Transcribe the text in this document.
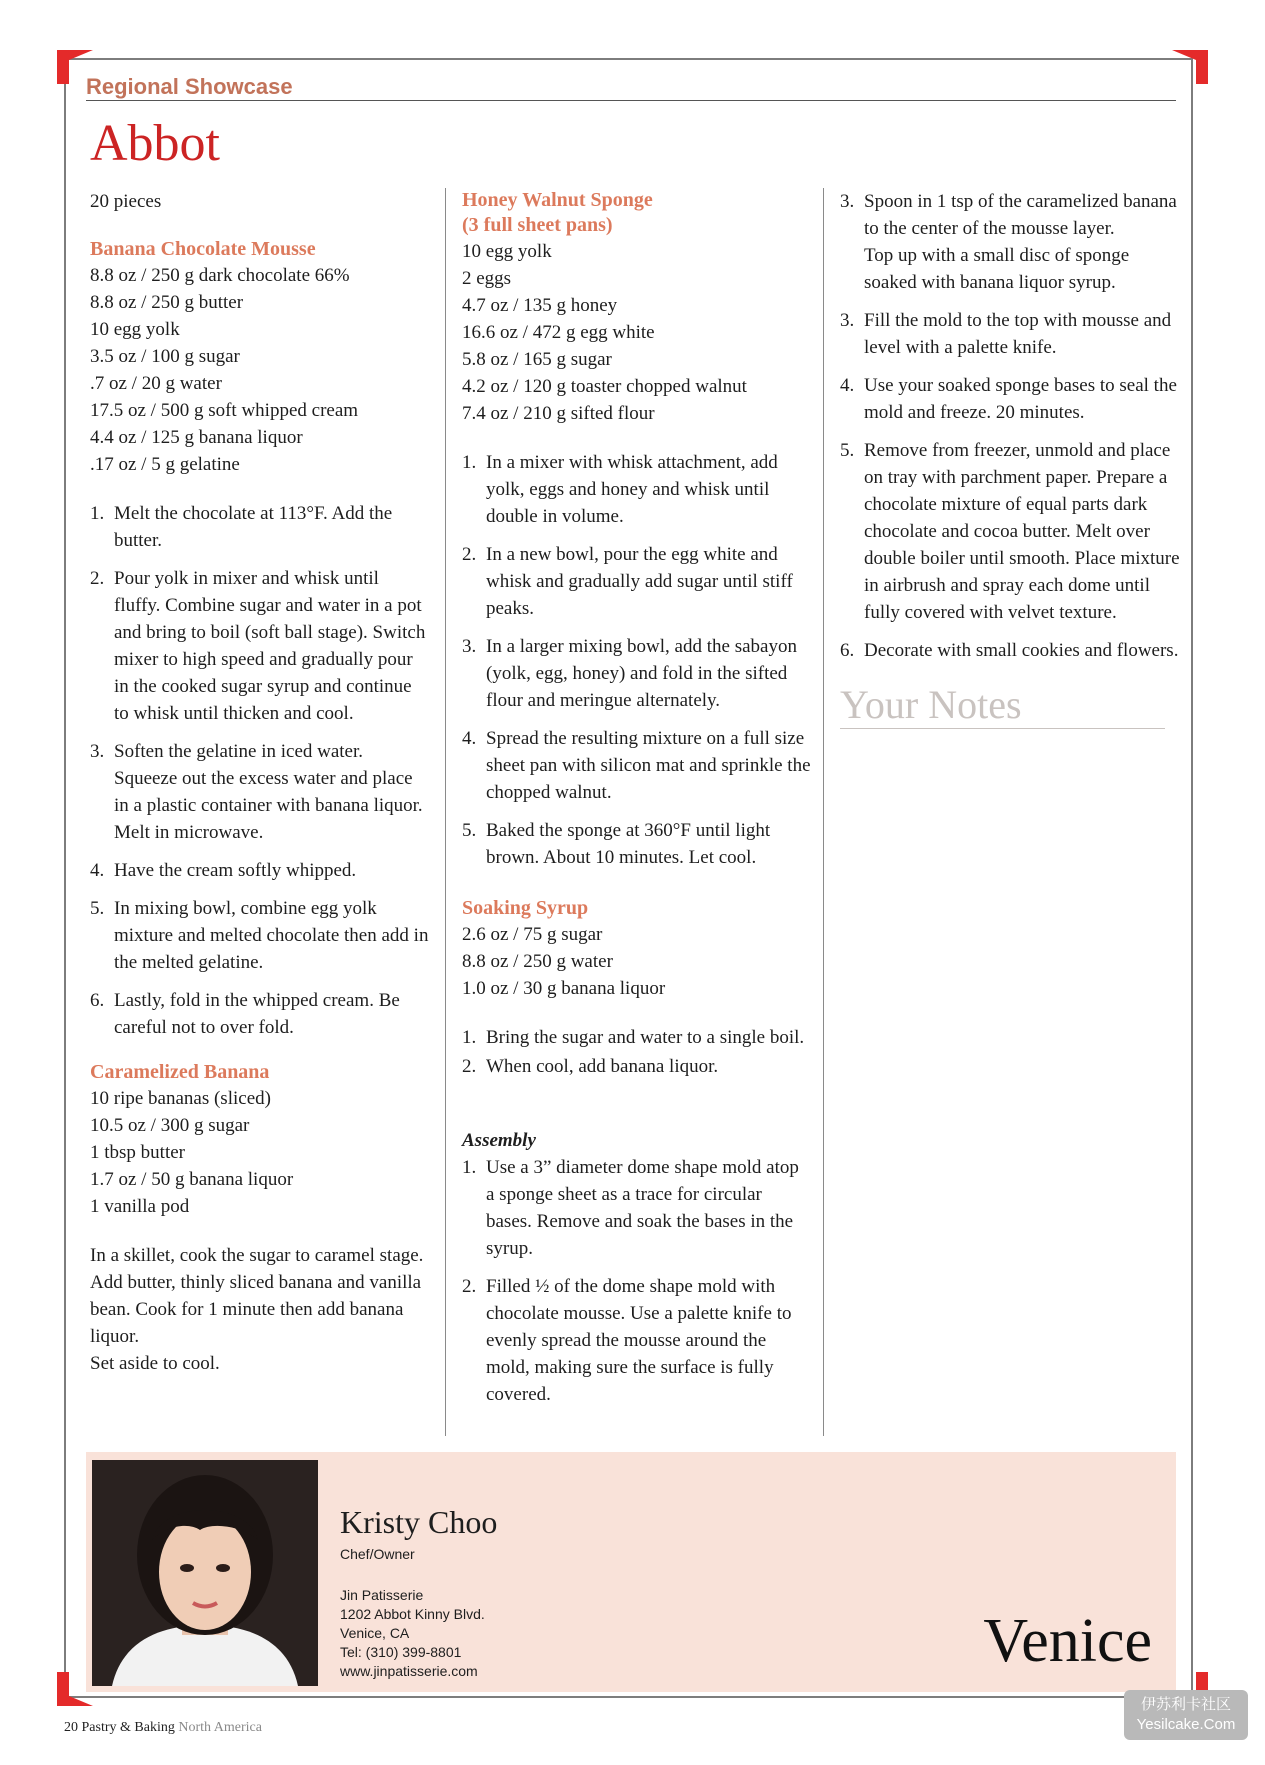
Regional Showcase
Abbot

20 pieces

Banana Chocolate Mousse
8.8 oz / 250 g dark chocolate 66%
8.8 oz / 250 g butter
10 egg yolk
3.5 oz / 100 g sugar
.7 oz / 20 g water
17.5 oz / 500 g soft whipped cream
4.4 oz / 125 g banana liquor
.17 oz / 5 g gelatine
1. Melt the chocolate at 113°F. Add the butter.
2. Pour yolk in mixer and whisk until fluffy. Combine sugar and water in a pot and bring to boil (soft ball stage). Switch mixer to high speed and gradually pour in the cooked sugar syrup and continue to whisk until thicken and cool.
3. Soften the gelatine in iced water. Squeeze out the excess water and place in a plastic container with banana liquor. Melt in microwave.
4. Have the cream softly whipped.
5. In mixing bowl, combine egg yolk mixture and melted chocolate then add in the melted gelatine.
6. Lastly, fold in the whipped cream. Be careful not to over fold.
Caramelized Banana
10 ripe bananas (sliced)
10.5 oz / 300 g sugar
1 tbsp butter
1.7 oz / 50 g banana liquor
1 vanilla pod

In a skillet, cook the sugar to caramel stage. Add butter, thinly sliced banana and vanilla bean. Cook for 1 minute then add banana liquor.

Set aside to cool.

Honey Walnut Sponge
(3 full sheet pans)
10 egg yolk
2 eggs
4.7 oz / 135 g honey
16.6 oz / 472 g egg white
5.8 oz / 165 g sugar
4.2 oz / 120 g toaster chopped walnut
7.4 oz / 210 g sifted flour
1. In a mixer with whisk attachment, add yolk, eggs and honey and whisk until double in volume.
2. In a new bowl, pour the egg white and whisk and gradually add sugar until stiff peaks.
3. In a larger mixing bowl, add the sabayon (yolk, egg, honey) and fold in the sifted flour and meringue alternately.
4. Spread the resulting mixture on a full size sheet pan with silicon mat and sprinkle the chopped walnut.
5. Baked the sponge at 360°F until light brown. About 10 minutes. Let cool.
Soaking Syrup
2.6 oz / 75 g sugar
8.8 oz / 250 g water
1.0 oz / 30 g banana liquor
1. Bring the sugar and water to a single boil.
2. When cool, add banana liquor.

Assembly

1. Use a 3” diameter dome shape mold atop a sponge sheet as a trace for circular bases. Remove and soak the bases in the syrup.
2. Filled ½ of the dome shape mold with chocolate mousse. Use a palette knife to evenly spread the mousse around the mold, making sure the surface is fully covered.
3. Spoon in 1 tsp of the caramelized banana to the center of the mousse layer.
Top up with a small disc of sponge soaked with banana liquor syrup.
3. Fill the mold to the top with mousse and level with a palette knife.
4. Use your soaked sponge bases to seal the mold and freeze. 20 minutes.
5. Remove from freezer, unmold and place on tray with parchment paper. Prepare a chocolate mixture of equal parts dark chocolate and cocoa butter. Melt over double boiler until smooth. Place mixture in airbrush and spray each dome until fully covered with velvet texture.
6. Decorate with small cookies and flowers.

Your Notes

Kristy Choo

Chef/Owner
Jin Patisserie
1202 Abbot Kinny Blvd.
Venice, CA
Tel: (310) 399-8801
www.jinpatisserie.com	Venice
20 Pastry & Baking North America
伊苏利卡社区
Yesilcake.Com
